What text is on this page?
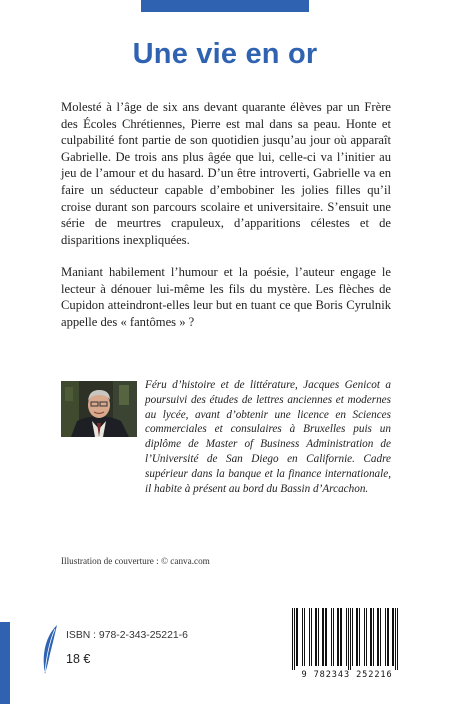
Une vie en or

Molesté à l’âge de six ans devant quarante élèves par un Frère des Écoles Chrétiennes, Pierre est mal dans sa peau. Honte et culpabilité font partie de son quotidien jusqu’au jour où apparaît Gabrielle. De trois ans plus âgée que lui, celle-ci va l’initier au jeu de l’amour et du hasard. D’un être introverti, Gabrielle va en faire un séducteur capable d’embobiner les jolies filles qu’il croise durant son parcours scolaire et universitaire. S’ensuit une série de meurtres crapuleux, d’apparitions célestes et de disparitions inexpliquées.

Maniant habilement l’humour et la poésie, l’auteur engage le lecteur à dénouer lui-même les fils du mystère. Les flèches de Cupidon atteindront-elles leur but en tuant ce que Boris Cyrulnik appelle des « fantômes » ?

Féru d’histoire et de littérature, Jacques Genicot a poursuivi des études de lettres anciennes et modernes au lycée, avant d’obtenir une licence en Sciences commerciales et consulaires à Bruxelles puis un diplôme de Master of Business Administration de l’Université de San Diego en Californie. Cadre supérieur dans la banque et la finance internationale, il habite à présent au bord du Bassin d’Arcachon.

Illustration de couverture : © canva.com

ISBN : 978-2-343-25221-6

18 €

9 782343 252216
